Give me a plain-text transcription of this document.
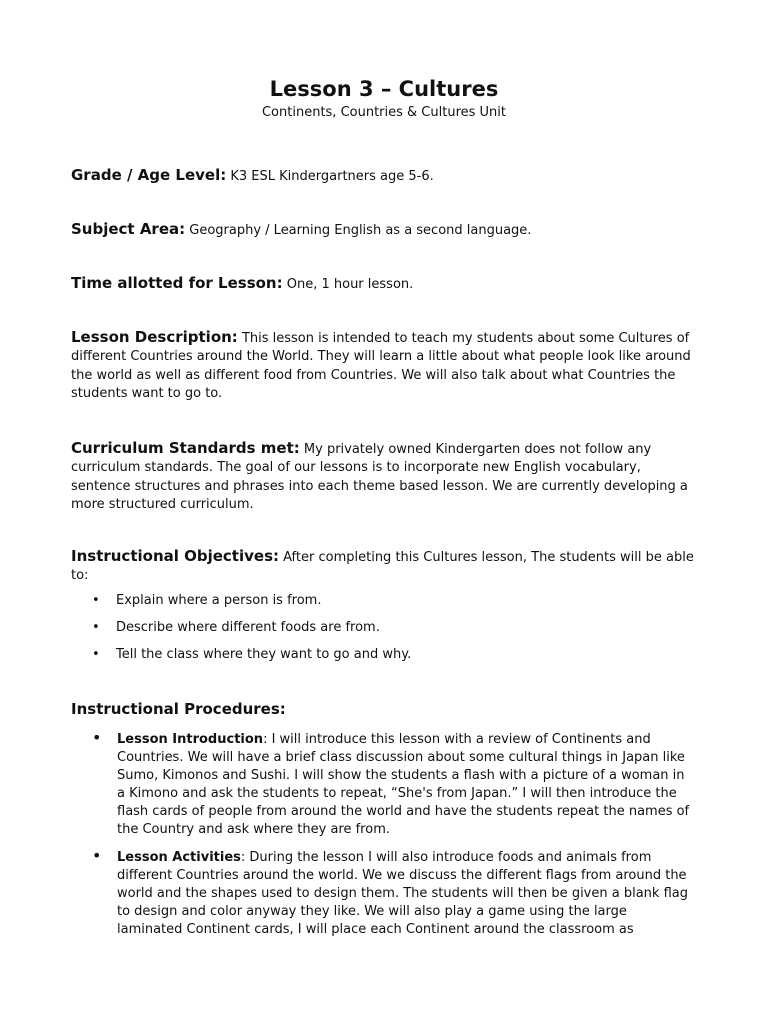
Lesson 3 – Cultures
Continents, Countries & Cultures Unit
Grade / Age Level: K3 ESL Kindergartners age 5-6.
Subject Area: Geography / Learning English as a second language.
Time allotted for Lesson: One, 1 hour lesson.
Lesson Description: This lesson is intended to teach my students about some Cultures of different Countries around the World. They will learn a little about what people look like around the world as well as different food from Countries. We will also talk about what Countries the students want to go to.
Curriculum Standards met: My privately owned Kindergarten does not follow any curriculum standards. The goal of our lessons is to incorporate new English vocabulary, sentence structures and phrases into each theme based lesson. We are currently developing a more structured curriculum.
Instructional Objectives: After completing this Cultures lesson, The students will be able to:
• Explain where a person is from.
• Describe where different foods are from.
• Tell the class where they want to go and why.
Instructional Procedures:
• Lesson Introduction: I will introduce this lesson with a review of Continents and Countries. We will have a brief class discussion about some cultural things in Japan like Sumo, Kimonos and Sushi. I will show the students a flash with a picture of a woman in a Kimono and ask the students to repeat, “She's from Japan.” I will then introduce the flash cards of people from around the world and have the students repeat the names of the Country and ask where they are from.
• Lesson Activities: During the lesson I will also introduce foods and animals from different Countries around the world. We we discuss the different flags from around the world and the shapes used to design them. The students will then be given a blank flag to design and color anyway they like. We will also play a game using the large laminated Continent cards, I will place each Continent around the classroom as
